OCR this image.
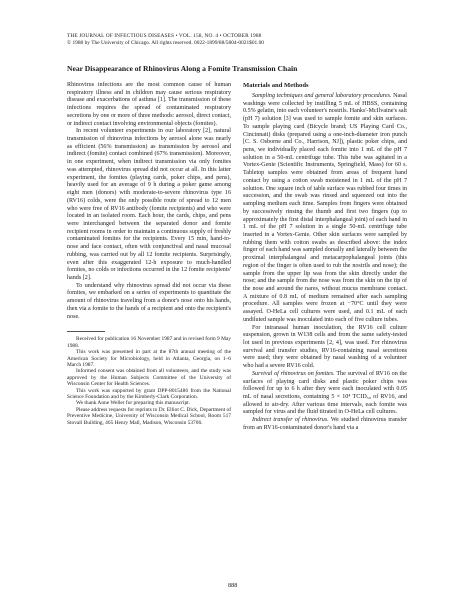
THE JOURNAL OF INFECTIOUS DISEASES • VOL. 158, NO. 4 • OCTOBER 1988
© 1988 by The University of Chicago. All rights reserved. 0022-1899/88/5804-0021$01.00
Near Disappearance of Rhinovirus Along a Fomite Transmission Chain

Rhinovirus infections are the most common cause of human respiratory illness and in children may cause serious respiratory disease and exacerbations of asthma [1]. The transmission of these infections requires the spread of contaminated respiratory secretions by one or more of three methods: aerosol, direct contact, or indirect contact involving environmental objects (fomites).

In recent volunteer experiments in our laboratory [2], natural transmission of rhinovirus infections by aerosol alone was nearly as efficient (56% transmission) as transmission by aerosol and indirect (fomite) contact combined (67% transmission). Moreover, in one experiment, when indirect transmission via only fomites was attempted, rhinovirus spread did not occur at all. In this latter experiment, the fomites (playing cards, poker chips, and pens), heavily used for an average of 9 h during a poker game among eight men (donors) with moderate-to-severe rhinovirus type 16 (RV16) colds, were the only possible route of spread to 12 men who were free of RV16 antibody (fomite recipients) and who were located in an isolated room. Each hour, the cards, chips, and pens were interchanged between the separated donor and fomite recipient rooms in order to maintain a continuous supply of freshly contaminated fomites for the recipients. Every 15 min, hand-to-nose and face contact, often with conjunctival and nasal mucosal rubbing, was carried out by all 12 fomite recipients. Surprisingly, even after this exaggerated 12-h exposure to much-handled fomites, no colds or infections occurred in the 12 fomite recipients' hands [2].

To understand why rhinovirus spread did not occur via these fomites, we embarked on a series of experiments to quantitate the amount of rhinovirus traveling from a donor's nose onto his hands, then via a fomite to the hands of a recipient and onto the recipient's nose.

Received for publication 16 November 1987 and in revised form 9 May 1988.

This work was presented in part at the 87th annual meeting of the American Society for Microbiology, held in Atlanta, Georgia, on 1–6 March 1987.

Informed consent was obtained from all volunteers, and the study was approved by the Human Subjects Committee of the University of Wisconsin Center for Health Sciences.

This work was supported by grant DPP-8015486 from the National Science Foundation and by the Kimberly-Clark Corporation.

We thank Anne Weller for preparing this manuscript.

Please address requests for reprints to Dr. Elliot C. Dick, Department of Preventive Medicine, University of Wisconsin Medical School, Room 517 Stovall Building, 465 Henry Mall, Madison, Wisconsin 53706.

Materials and Methods

Sampling techniques and general laboratory procedures. Nasal washings were collected by instilling 5 mL of HBSS, containing 0.5% gelatin, into each volunteer's nostrils. Hanks'-McIlvaine's salt (pH 7) solution [3] was used to sample fomite and skin surfaces. To sample playing card (Bicycle brand; US Playing Card Co., Cincinnati) disks (prepared using a one-inch-diameter iron punch [C. S. Osborne and Co., Harrison, NJ]), plastic poker chips, and pens, we individually placed each fomite into 1 mL of the pH 7 solution in a 50-mL centrifuge tube. This tube was agitated in a Vortex-Genie (Scientific Instruments, Springfield, Mass) for 60 s. Tabletop samples were obtained from areas of frequent hand contact by using a cotton swab moistened in 1 mL of the pH 7 solution. One square inch of table surface was rubbed four times in succession, and the swab was rinsed and squeezed out into the sampling medium each time. Samples from fingers were obtained by successively rinsing the thumb and first two fingers (up to approximately the first distal interphalangeal joint) of each hand in 1 mL of the pH 7 solution in a single 50-mL centrifuge tube inserted in a Vortex-Genie. Other skin surfaces were sampled by rubbing them with cotton swabs as described above: the index finger of each hand was sampled dorsally and laterally between the proximal interphalangeal and metacarpophalangeal joints (this region of the finger is often used to rub the nostrils and nose); the sample from the upper lip was from the skin directly under the nose; and the sample from the nose was from the skin on the tip of the nose and around the nares, without mucus membrane contact. A mixture of 0.8 mL of medium remained after each sampling procedure. All samples were frozen at −70°C until they were assayed. O-HeLa cell cultures were used, and 0.1 mL of each undiluted sample was inoculated into each of five culture tubes.

For intranasal human inoculation, the RV16 cell culture suspension, grown in W138 cells and from the same safety-tested lot used in previous experiments [2, 4], was used. For rhinovirus survival and transfer studies, RV16-containing nasal secretions were used; they were obtained by nasal washing of a volunteer who had a severe RV16 cold.

Survival of rhinovirus on fomites. The survival of RV16 on the surfaces of playing card disks and plastic poker chips was followed for up to 6 h after they were each inoculated with 0.05 mL of nasal secretions, containing 5 × 10⁴ TCID₅₀ of RV16, and allowed to air-dry. After various time intervals, each fomite was sampled for virus and the fluid titrated in O-HeLa cell cultures.

Indirect transfer of rhinovirus. We studied rhinovirus transfer from an RV16-contaminated donor's hand via a

888
